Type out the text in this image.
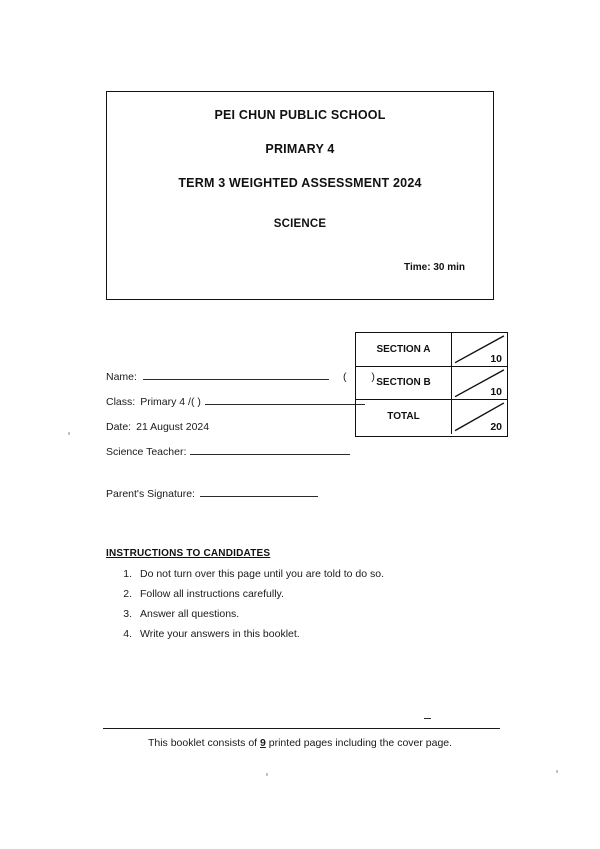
PEI CHUN PUBLIC SCHOOL
PRIMARY 4
TERM 3 WEIGHTED ASSESSMENT 2024
SCIENCE
Time: 30 min
Name:	( )
Class: Primary 4 /( )
Date: 21 August 2024
Science Teacher:
Parent's Signature:
SECTION A
10
SECTION B
10
TOTAL
20
INSTRUCTIONS TO CANDIDATES
1. Do not turn over this page until you are told to do so.
2. Follow all instructions carefully.
3. Answer all questions.
4. Write your answers in this booklet.
This booklet consists of 9 printed pages including the cover page.
